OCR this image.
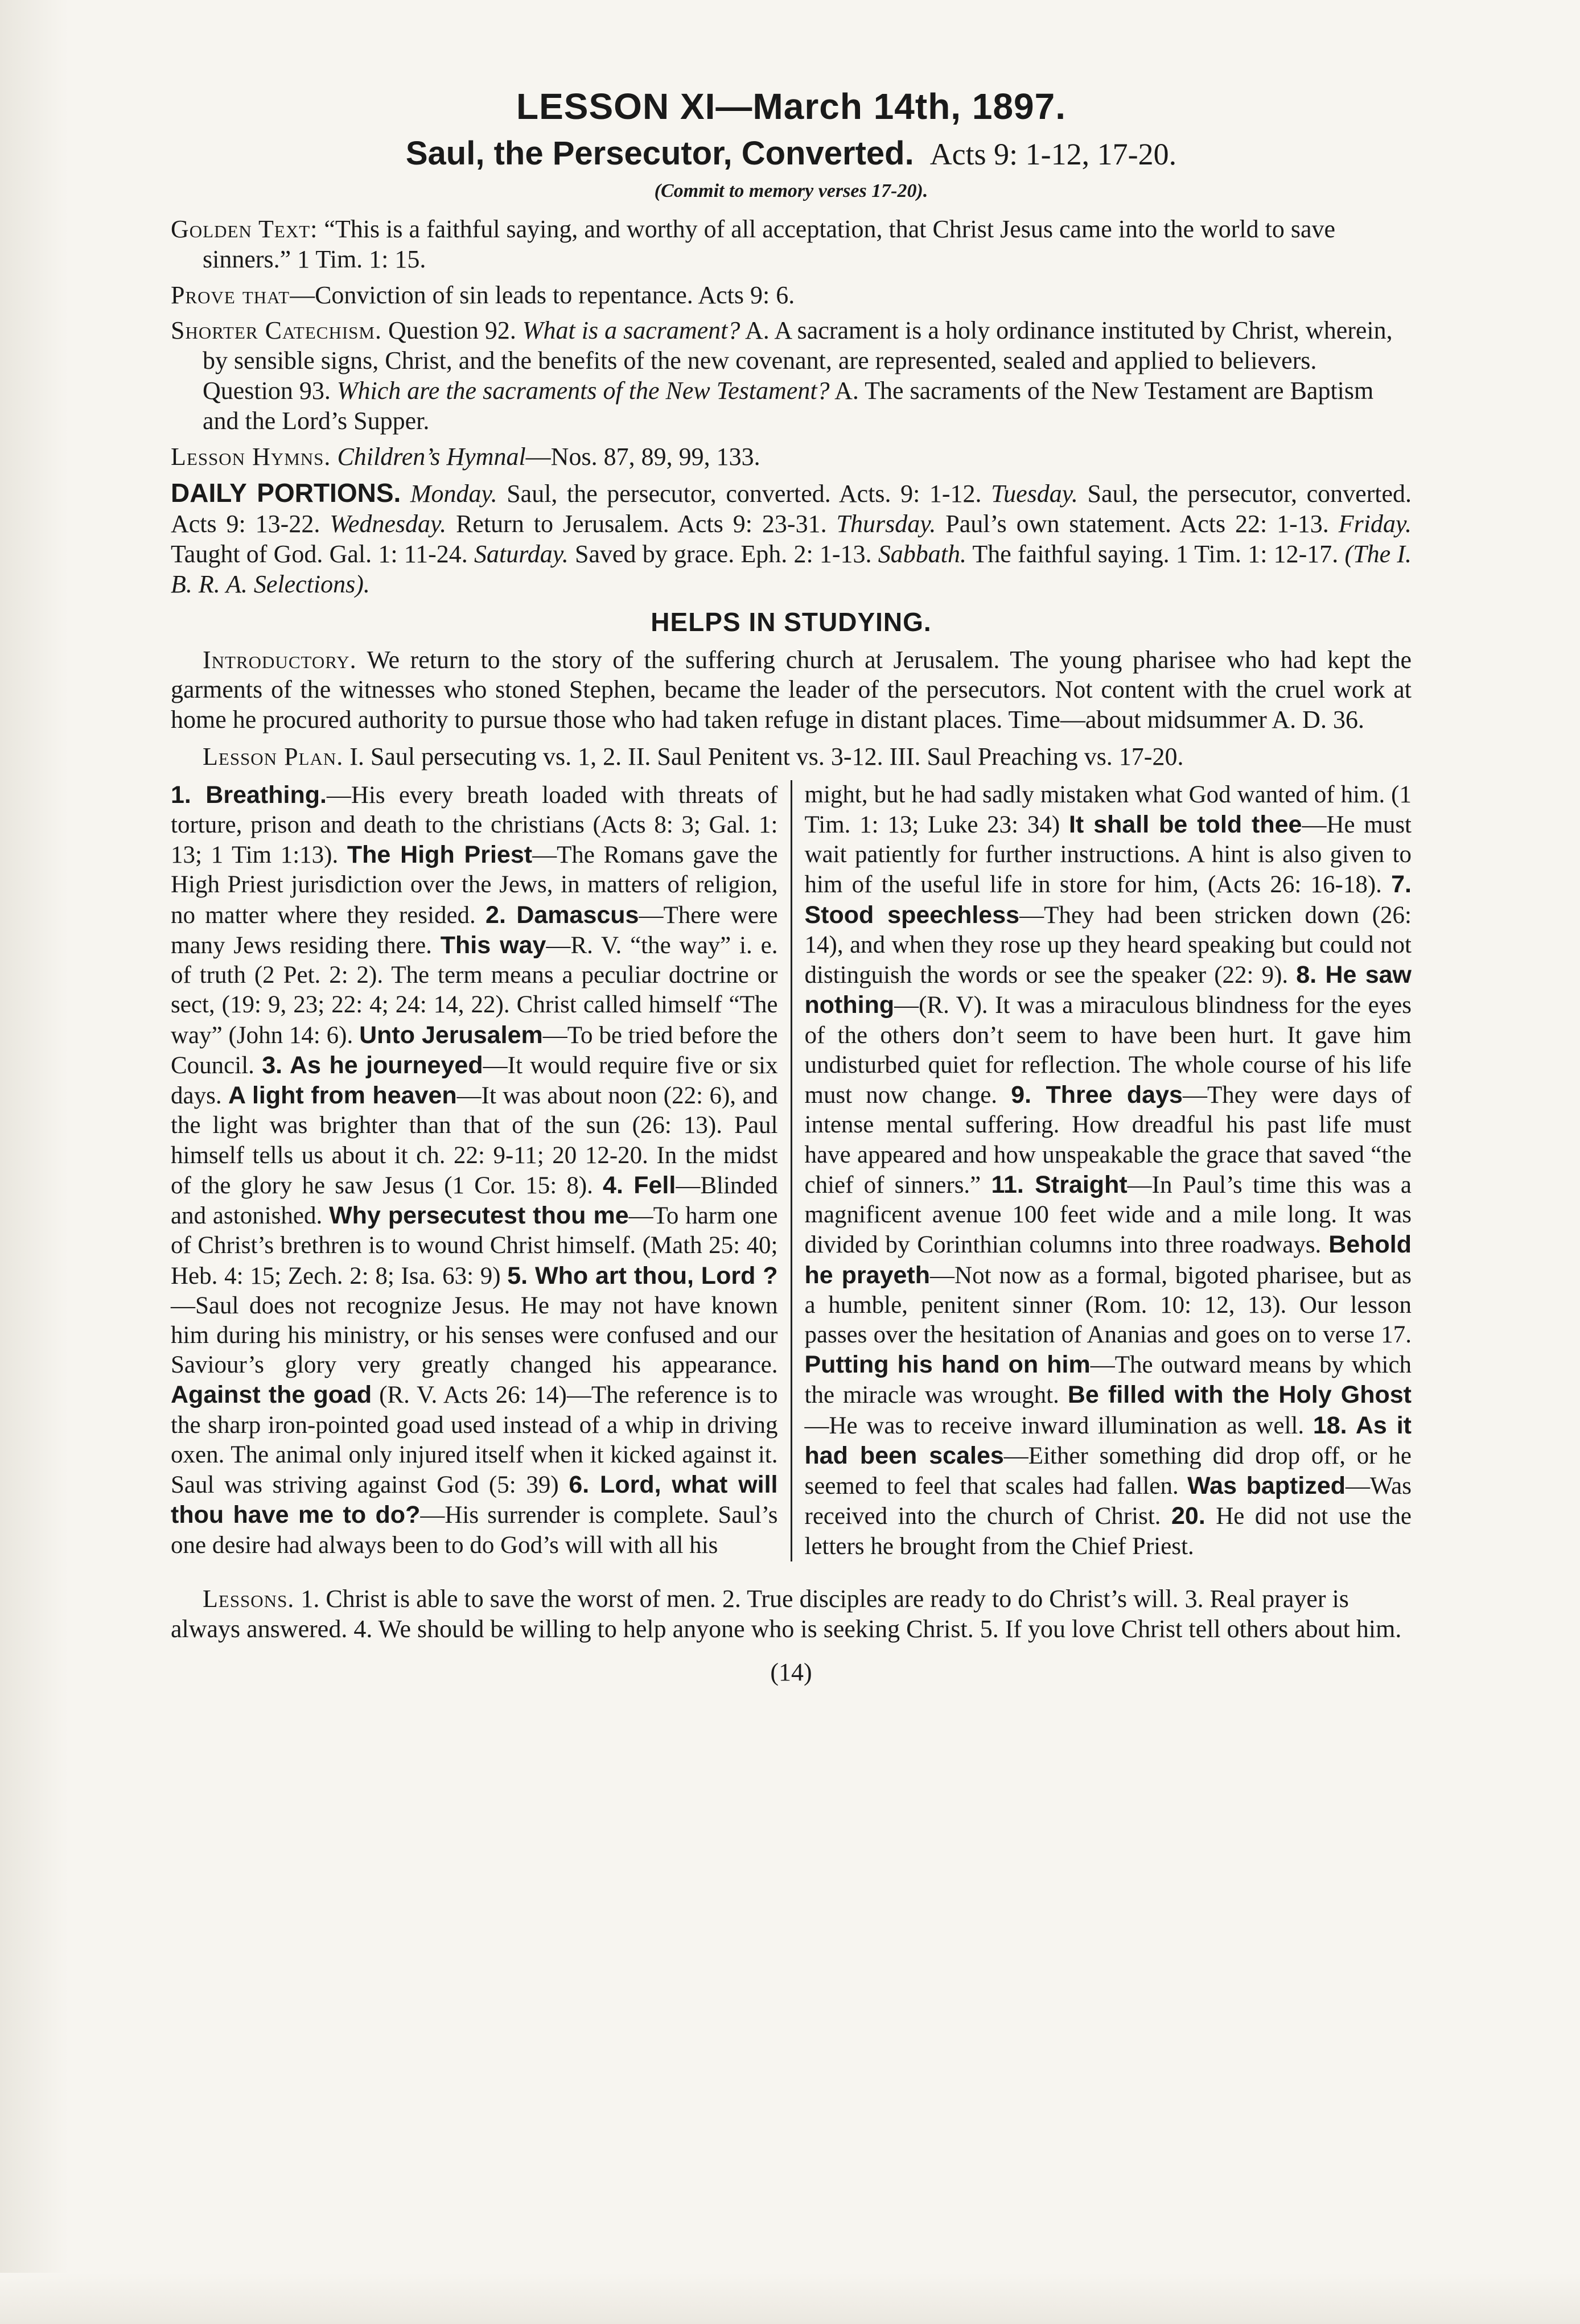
LESSON XI—March 14th, 1897.
Saul, the Persecutor, Converted. Acts 9: 1-12, 17-20.
(Commit to memory verses 17-20).

Golden Text: “This is a faithful saying, and worthy of all acceptation, that Christ Jesus came into the world to save sinners.” 1 Tim. 1: 15.

Prove that—Conviction of sin leads to repentance. Acts 9: 6.

Shorter Catechism. Question 92. What is a sacrament? A. A sacrament is a holy ordinance instituted by Christ, wherein, by sensible signs, Christ, and the benefits of the new covenant, are represented, sealed and applied to believers. Question 93. Which are the sacraments of the New Testament? A. The sacraments of the New Testament are Baptism and the Lord’s Supper.

Lesson Hymns. Children’s Hymnal—Nos. 87, 89, 99, 133.

DAILY PORTIONS. Monday. Saul, the persecutor, converted. Acts. 9: 1-12. Tuesday. Saul, the persecutor, converted. Acts 9: 13-22. Wednesday. Return to Jerusalem. Acts 9: 23-31. Thursday. Paul’s own statement. Acts 22: 1-13. Friday. Taught of God. Gal. 1: 11-24. Saturday. Saved by grace. Eph. 2: 1-13. Sabbath. The faithful saying. 1 Tim. 1: 12-17. (The I. B. R. A. Selections).

HELPS IN STUDYING.

Introductory. We return to the story of the suffering church at Jerusalem. The young pharisee who had kept the garments of the witnesses who stoned Stephen, became the leader of the persecutors. Not content with the cruel work at home he procured authority to pursue those who had taken refuge in distant places. Time—about midsummer A. D. 36.

Lesson Plan. I. Saul persecuting vs. 1, 2. II. Saul Penitent vs. 3-12. III. Saul Preaching vs. 17-20.

1. Breathing.—His every breath loaded with threats of torture, prison and death to the christians (Acts 8: 3; Gal. 1: 13; 1 Tim 1:13). The High Priest—The Romans gave the High Priest jurisdiction over the Jews, in matters of religion, no matter where they resided. 2. Damascus—There were many Jews residing there. This way—R. V. “the way” i. e. of truth (2 Pet. 2: 2). The term means a peculiar doctrine or sect, (19: 9, 23; 22: 4; 24: 14, 22). Christ called himself “The way” (John 14: 6). Unto Jerusalem—To be tried before the Council. 3. As he journeyed—It would require five or six days. A light from heaven—It was about noon (22: 6), and the light was brighter than that of the sun (26: 13). Paul himself tells us about it ch. 22: 9-11; 20 12-20. In the midst of the glory he saw Jesus (1 Cor. 15: 8). 4. Fell—Blinded and astonished. Why persecutest thou me—To harm one of Christ’s brethren is to wound Christ himself. (Math 25: 40; Heb. 4: 15; Zech. 2: 8; Isa. 63: 9) 5. Who art thou, Lord ?—Saul does not recognize Jesus. He may not have known him during his ministry, or his senses were confused and our Saviour’s glory very greatly changed his appearance. Against the goad (R. V. Acts 26: 14)—The reference is to the sharp iron-pointed goad used instead of a whip in driving oxen. The animal only injured itself when it kicked against it. Saul was striving against God (5: 39) 6. Lord, what will thou have me to do?—His surrender is complete. Saul’s one desire had always been to do God’s will with all his
might, but he had sadly mistaken what God wanted of him. (1 Tim. 1: 13; Luke 23: 34) It shall be told thee—He must wait patiently for further instructions. A hint is also given to him of the useful life in store for him, (Acts 26: 16-18). 7. Stood speechless—They had been stricken down (26: 14), and when they rose up they heard speaking but could not distinguish the words or see the speaker (22: 9). 8. He saw nothing—(R. V). It was a miraculous blindness for the eyes of the others don’t seem to have been hurt. It gave him undisturbed quiet for reflection. The whole course of his life must now change. 9. Three days—They were days of intense mental suffering. How dreadful his past life must have appeared and how unspeakable the grace that saved “the chief of sinners.” 11. Straight—In Paul’s time this was a magnificent avenue 100 feet wide and a mile long. It was divided by Corinthian columns into three roadways. Behold he prayeth—Not now as a formal, bigoted pharisee, but as a humble, penitent sinner (Rom. 10: 12, 13). Our lesson passes over the hesitation of Ananias and goes on to verse 17. Putting his hand on him—The outward means by which the miracle was wrought. Be filled with the Holy Ghost—He was to receive inward illumination as well. 18. As it had been scales—Either something did drop off, or he seemed to feel that scales had fallen. Was baptized—Was received into the church of Christ. 20. He did not use the letters he brought from the Chief Priest.

Lessons. 1. Christ is able to save the worst of men. 2. True disciples are ready to do Christ’s will. 3. Real prayer is always answered. 4. We should be willing to help anyone who is seeking Christ. 5. If you love Christ tell others about him.

(14)
